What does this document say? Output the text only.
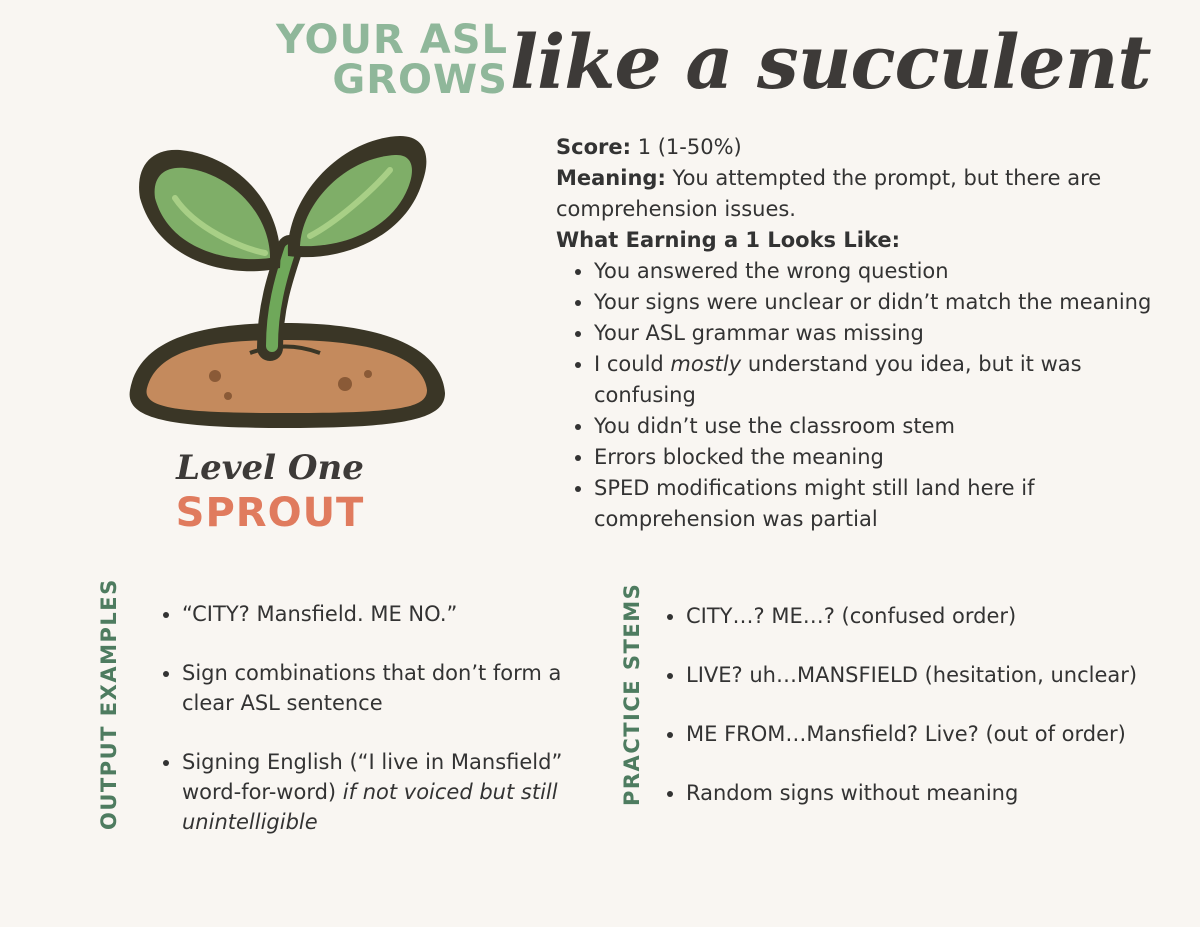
YOUR ASL
GROWS like a succulent
Level One
SPROUT

Score: 1 (1-50%)

Meaning: You attempted the prompt, but there are comprehension issues.

What Earning a 1 Looks Like:

• You answered the wrong question
• Your signs were unclear or didn’t match the meaning
• Your ASL grammar was missing
• I could mostly understand you idea, but it was confusing
• You didn’t use the classroom stem
• Errors blocked the meaning
• SPED modifications might still land here if comprehension was partial
OUTPUT EXAMPLES	• “CITY? Mansfield. ME NO.”
• Sign combinations that don’t form a clear ASL sentence
• Signing English (“I live in Mansfield” word-for-word) if not voiced but still unintelligible
PRACTICE STEMS • CITY…? ME…? (confused order)
• LIVE? uh…MANSFIELD (hesitation, unclear)
• ME FROM…Mansfield? Live? (out of order)
• Random signs without meaning
